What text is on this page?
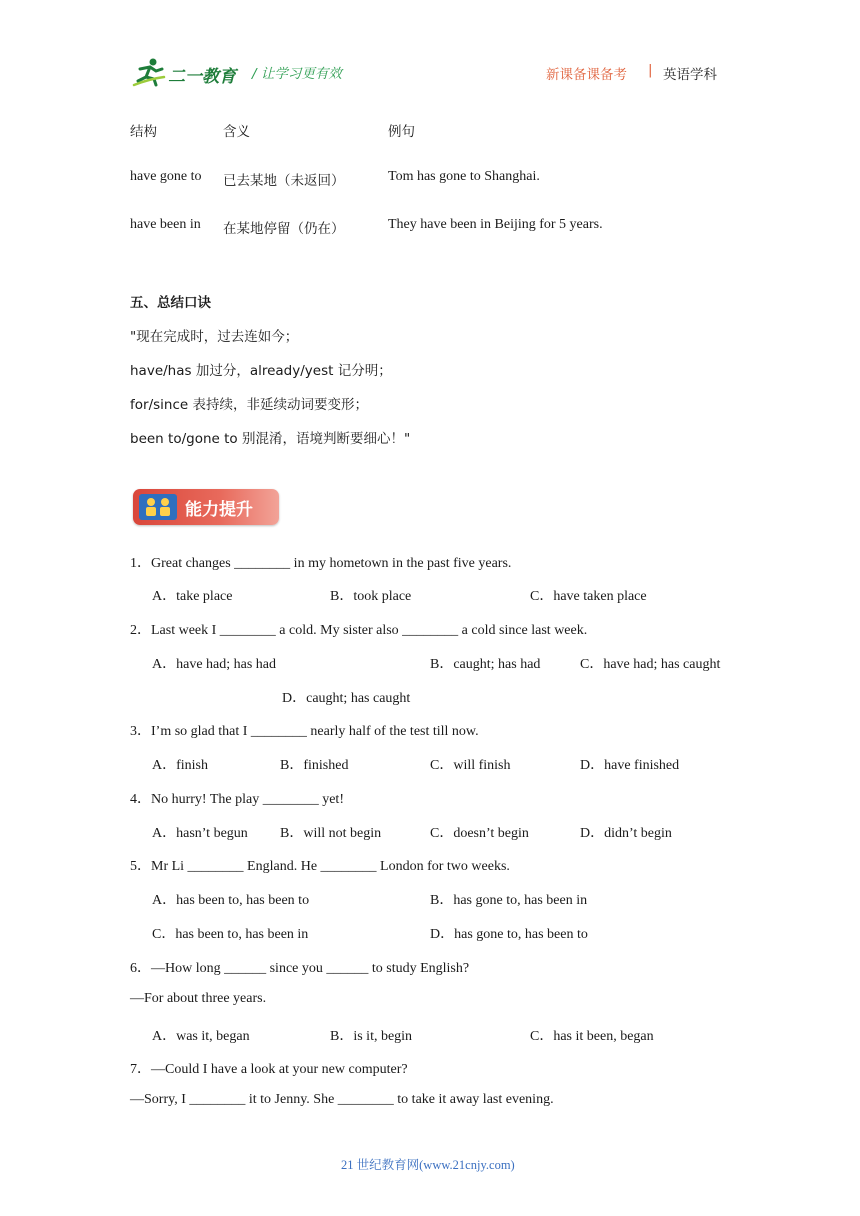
二一教育 / 让学习更有效	新课备课备考 | 英语学科
结构	含义	例句
have gone to 已去某地（未返回）	Tom has gone to Shanghai.
have been in 在某地停留（仍在）	They have been in Beijing for 5 years.
五、总结口诀
"现在完成时，过去连如今；
have/has 加过分，already/yest 记分明；
for/since 表持续，非延续动词要变形；
been to/gone to 别混淆，语境判断要细心！"
能力提升
1．Great changes ________ in my hometown in the past five years.
A．take place	B．took place	C．have taken place
2．Last week I ________ a cold. My sister also ________ a cold since last week.
A．have had; has had	B．caught; has had	C．have had; has caught
D．caught; has caught
3．I’m so glad that I ________ nearly half of the test till now.
A．finish	B．finished	C．will finish	D．have finished
4．No hurry! The play ________ yet!
A．hasn’t begun B．will not begin	C．doesn’t begin	D．didn’t begin
5．Mr Li ________ England. He ________ London for two weeks.
A．has been to, has been to	B．has gone to, has been in
C．has been to, has been in	D．has gone to, has been to
6．—How long ______ since you ______ to study English?
—For about three years.
A．was it, began	B．is it, begin	C．has it been, began
7．—Could I have a look at your new computer?
—Sorry, I ________ it to Jenny. She ________ to take it away last evening.
21 世纪教育网(www.21cnjy.com)
